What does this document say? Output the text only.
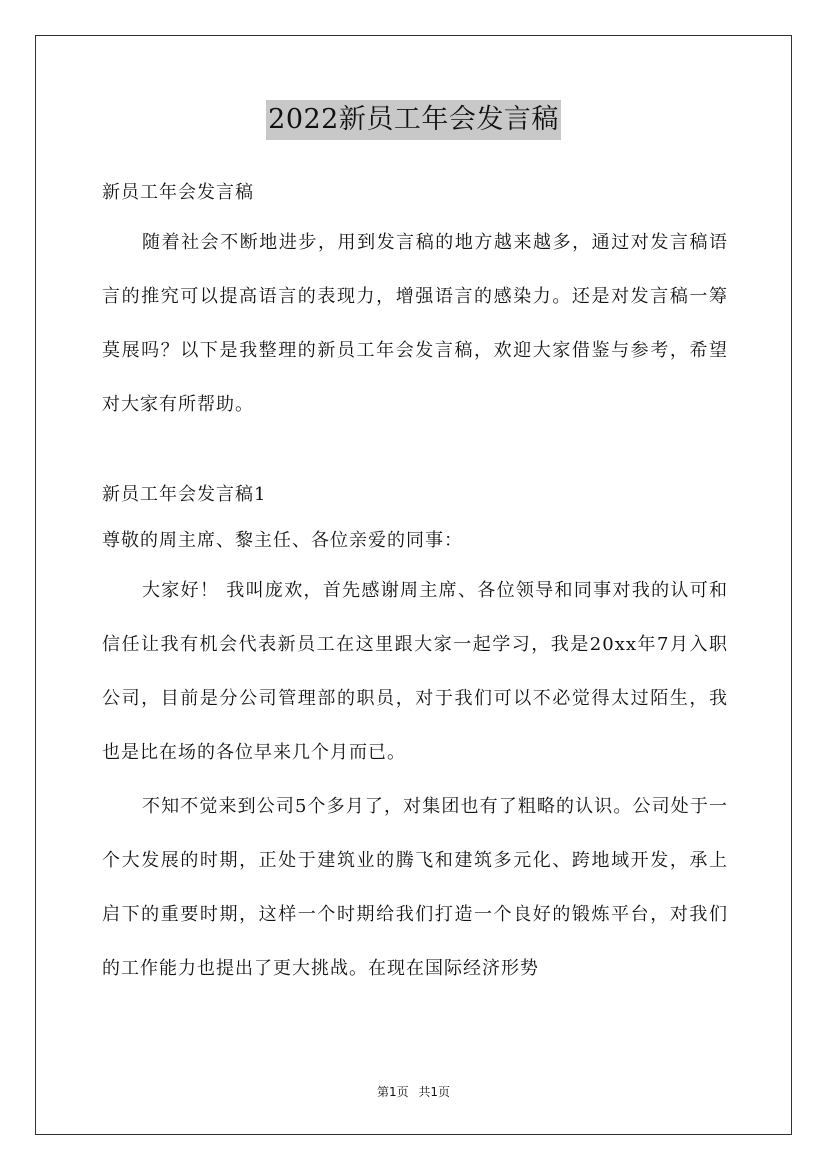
2022新员工年会发言稿

新员工年会发言稿

随着社会不断地进步，用到发言稿的地方越来越多，通过对发言稿语言的推究可以提高语言的表现力，增强语言的感染力。还是对发言稿一筹莫展吗？以下是我整理的新员工年会发言稿，欢迎大家借鉴与参考，希望对大家有所帮助。

新员工年会发言稿1

尊敬的周主席、黎主任、各位亲爱的同事：

大家好！ 我叫庞欢，首先感谢周主席、各位领导和同事对我的认可和信任让我有机会代表新员工在这里跟大家一起学习，我是20xx年7月入职公司，目前是分公司管理部的职员，对于我们可以不必觉得太过陌生，我也是比在场的各位早来几个月而已。

不知不觉来到公司5个多月了，对集团也有了粗略的认识。公司处于一个大发展的时期，正处于建筑业的腾飞和建筑多元化、跨地域开发，承上启下的重要时期，这样一个时期给我们打造一个良好的锻炼平台，对我们的工作能力也提出了更大挑战。在现在国际经济形势

第1页 共1页
